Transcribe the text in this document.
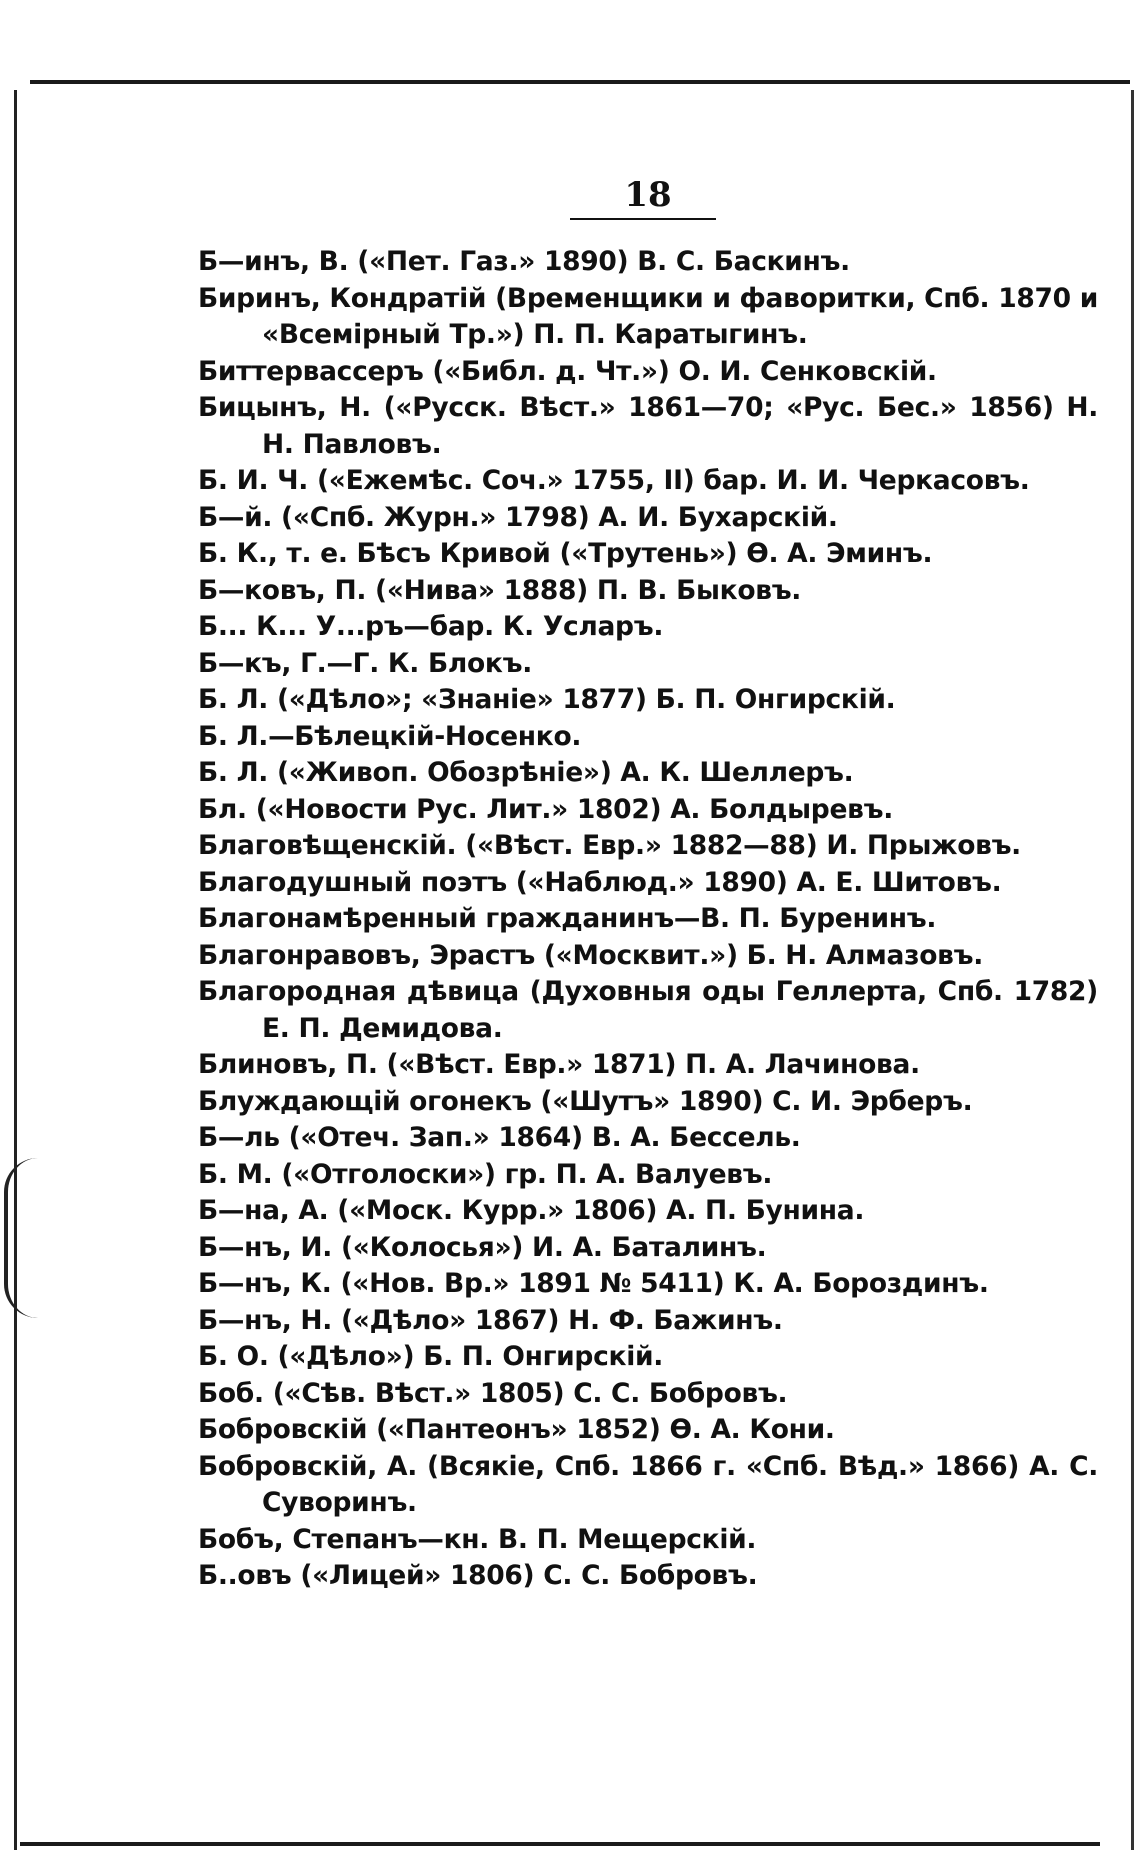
18
Б—инъ, В. («Пет. Газ.» 1890) В. С. Баскинъ.
Биринъ, Кондратій (Временщики и фаворитки, Спб. 1870 и «Всемірный Тр.») П. П. Каратыгинъ.
Биттервассеръ («Библ. д. Чт.») О. И. Сенковскій.
Бицынъ, Н. («Русск. Вѣст.» 1861—70; «Рус. Бес.» 1856) Н. Н. Павловъ.
Б. И. Ч. («Ежемѣс. Соч.» 1755, II) бар. И. И. Черкасовъ.
Б—й. («Спб. Журн.» 1798) А. И. Бухарскій.
Б. К., т. е. Бѣсъ Кривой («Трутень») Ѳ. А. Эминъ.
Б—ковъ, П. («Нива» 1888) П. В. Быковъ.
Б... К... У...ръ—бар. К. Усларъ.
Б—къ, Г.—Г. К. Блокъ.
Б. Л. («Дѣло»; «Знаніе» 1877) Б. П. Онгирскій.
Б. Л.—Бѣлецкій-Носенко.
Б. Л. («Живоп. Обозрѣніе») А. К. Шеллеръ.
Бл. («Новости Рус. Лит.» 1802) А. Болдыревъ.
Благовѣщенскій. («Вѣст. Евр.» 1882—88) И. Прыжовъ.
Благодушный поэтъ («Наблюд.» 1890) А. Е. Шитовъ.
Благонамѣренный гражданинъ—В. П. Буренинъ.
Благонравовъ, Эрастъ («Москвит.») Б. Н. Алмазовъ.
Благородная дѣвица (Духовныя оды Геллерта, Спб. 1782) Е. П. Демидова.
Блиновъ, П. («Вѣст. Евр.» 1871) П. А. Лачинова.
Блуждающій огонекъ («Шутъ» 1890) С. И. Эрберъ.
Б—ль («Отеч. Зап.» 1864) В. А. Бессель.
Б. М. («Отголоски») гр. П. А. Валуевъ.
Б—на, А. («Моск. Курр.» 1806) А. П. Бунина.
Б—нъ, И. («Колосья») И. А. Баталинъ.
Б—нъ, К. («Нов. Вр.» 1891 № 5411) К. А. Бороздинъ.
Б—нъ, Н. («Дѣло» 1867) Н. Ф. Бажинъ.
Б. О. («Дѣло») Б. П. Онгирскій.
Боб. («Сѣв. Вѣст.» 1805) С. С. Бобровъ.
Бобровскій («Пантеонъ» 1852) Ѳ. А. Кони.
Бобровскій, А. (Всякіе, Спб. 1866 г. «Спб. Вѣд.» 1866) А. С. Суворинъ.
Бобъ, Степанъ—кн. В. П. Мещерскій.
Б..овъ («Лицей» 1806) С. С. Бобровъ.
